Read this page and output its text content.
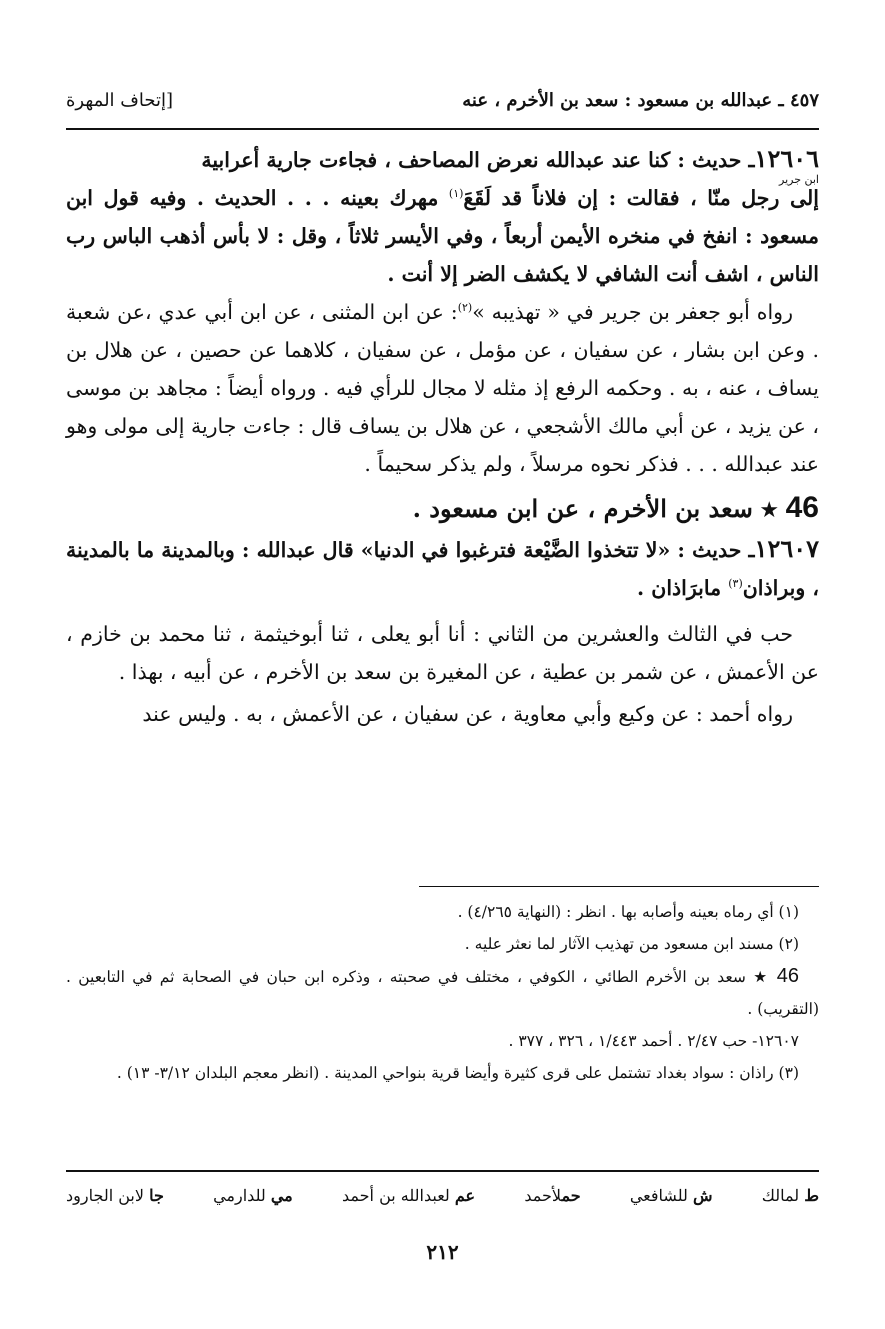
٤٥٧ ـ عبدالله بن مسعود : سعد بن الأخرم ، عنه
[إتحاف المهرة

١٢٦٠٦ـ حديث : كنا عند عبدالله نعرض المصاحف ، فجاءت جارية أعرابية
ابن جرير
إلى رجل منّا ، فقالت : إن فلاناً قد لَقَعَ$^{(١)}$ مهرك بعينه . . . الحديث . وفيه قول ابن مسعود : انفخ في منخره الأيمن أربعاً ، وفي الأيسر ثلاثاً ، وقل : لا بأس أذهب الباس رب الناس ، اشف أنت الشافي لا يكشف الضر إلا أنت .

رواه أبو جعفر بن جرير في « تهذيبه »$^{(٢)}$: عن ابن المثنى ، عن ابن أبي عدي ،عن شعبة . وعن ابن بشار ، عن سفيان ، عن مؤمل ، عن سفيان ، كلاهما عن حصين ، عن هلال بن يساف ، عنه ، به . وحكمه الرفع إذ مثله لا مجال للرأي فيه . ورواه أيضاً : مجاهد بن موسى ، عن يزيد ، عن أبي مالك الأشجعي ، عن هلال بن يساف قال : جاءت جارية إلى مولى وهو عند عبدالله . . . فذكر نحوه مرسلاً ، ولم يذكر سحيماً .

46 ★ سعد بن الأخرم ، عن ابن مسعود .

١٢٦٠٧ـ حديث : «لا تتخذوا الضَّيْعة فترغبوا في الدنيا» قال عبدالله : وبالمدينة ما بالمدينة ، وبراذان$^{(٣)}$ مابرَاذان .

حب في الثالث والعشرين من الثاني : أنا أبو يعلى ، ثنا أبوخيثمة ، ثنا محمد بن خازم ، عن الأعمش ، عن شمر بن عطية ، عن المغيرة بن سعد بن الأخرم ، عن أبيه ، بهذا .

رواه أحمد : عن وكيع وأبي معاوية ، عن سفيان ، عن الأعمش ، به . وليس عند

(١) أي رماه بعينه وأصابه بها . انظر : (النهاية ٤/٢٦٥) .

(٢) مسند ابن مسعود من تهذيب الآثار لما نعثر عليه .

46 ★ سعد بن الأخرم الطائي ، الكوفي ، مختلف في صحبته ، وذكره ابن حبان في الصحابة ثم في التابعين . (التقريب) .

١٢٦٠٧- حب ٢/٤٧ . أحمد ١/٤٤٣ ، ٣٢٦ ، ٣٧٧ .

(٣) راذان : سواد بغداد تشتمل على قرى كثيرة وأيضا قرية بنواحي المدينة . (انظر معجم البلدان ٣/١٢- ١٣) .

ط لمالك
ش للشافعي
حملأحمد
عم لعبدالله بن أحمد
مي للدارمي
جا لابن الجارود
٢١٢
